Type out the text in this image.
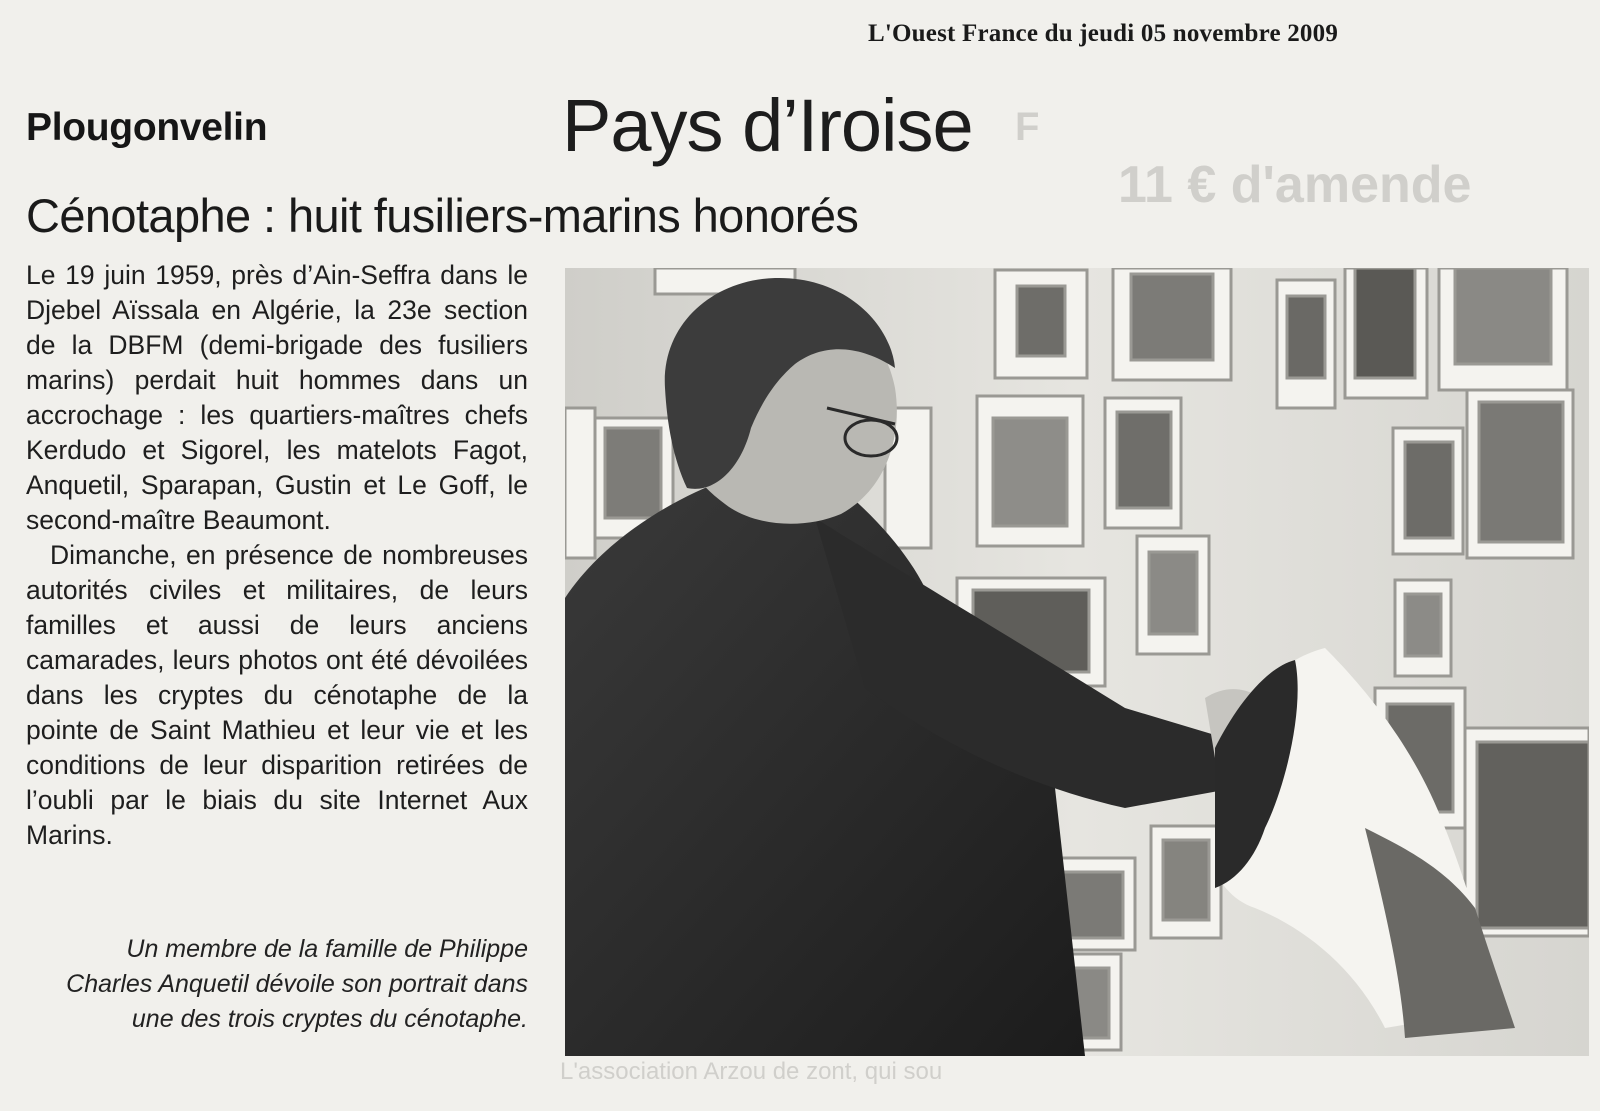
L'Ouest France du jeudi 05 novembre 2009
F
11 € d'amende
Plougonvelin	Pays d’Iroise
Cénotaphe : huit fusiliers-marins honorés

Le 19 juin 1959, près d’Ain-Seffra dans le Djebel Aïssala en Algérie, la 23e section de la DBFM (demi-brigade des fusiliers marins) perdait huit hommes dans un accrochage : les quartiers-maîtres chefs Kerdudo et Sigorel, les matelots Fagot, Anquetil, Sparapan, Gustin et Le Goff, le second-maître Beaumont.

Dimanche, en présence de nombreuses autorités civiles et militaires, de leurs familles et aussi de leurs anciens camarades, leurs photos ont été dévoilées dans les cryptes du cénotaphe de la pointe de Saint Mathieu et leur vie et les conditions de leur disparition retirées de l’oubli par le biais du site Internet Aux Marins.

Un membre de la famille de Philippe Charles Anquetil dévoile son portrait dans une des trois cryptes du cénotaphe.
L'association Arzou de zont, qui sou
